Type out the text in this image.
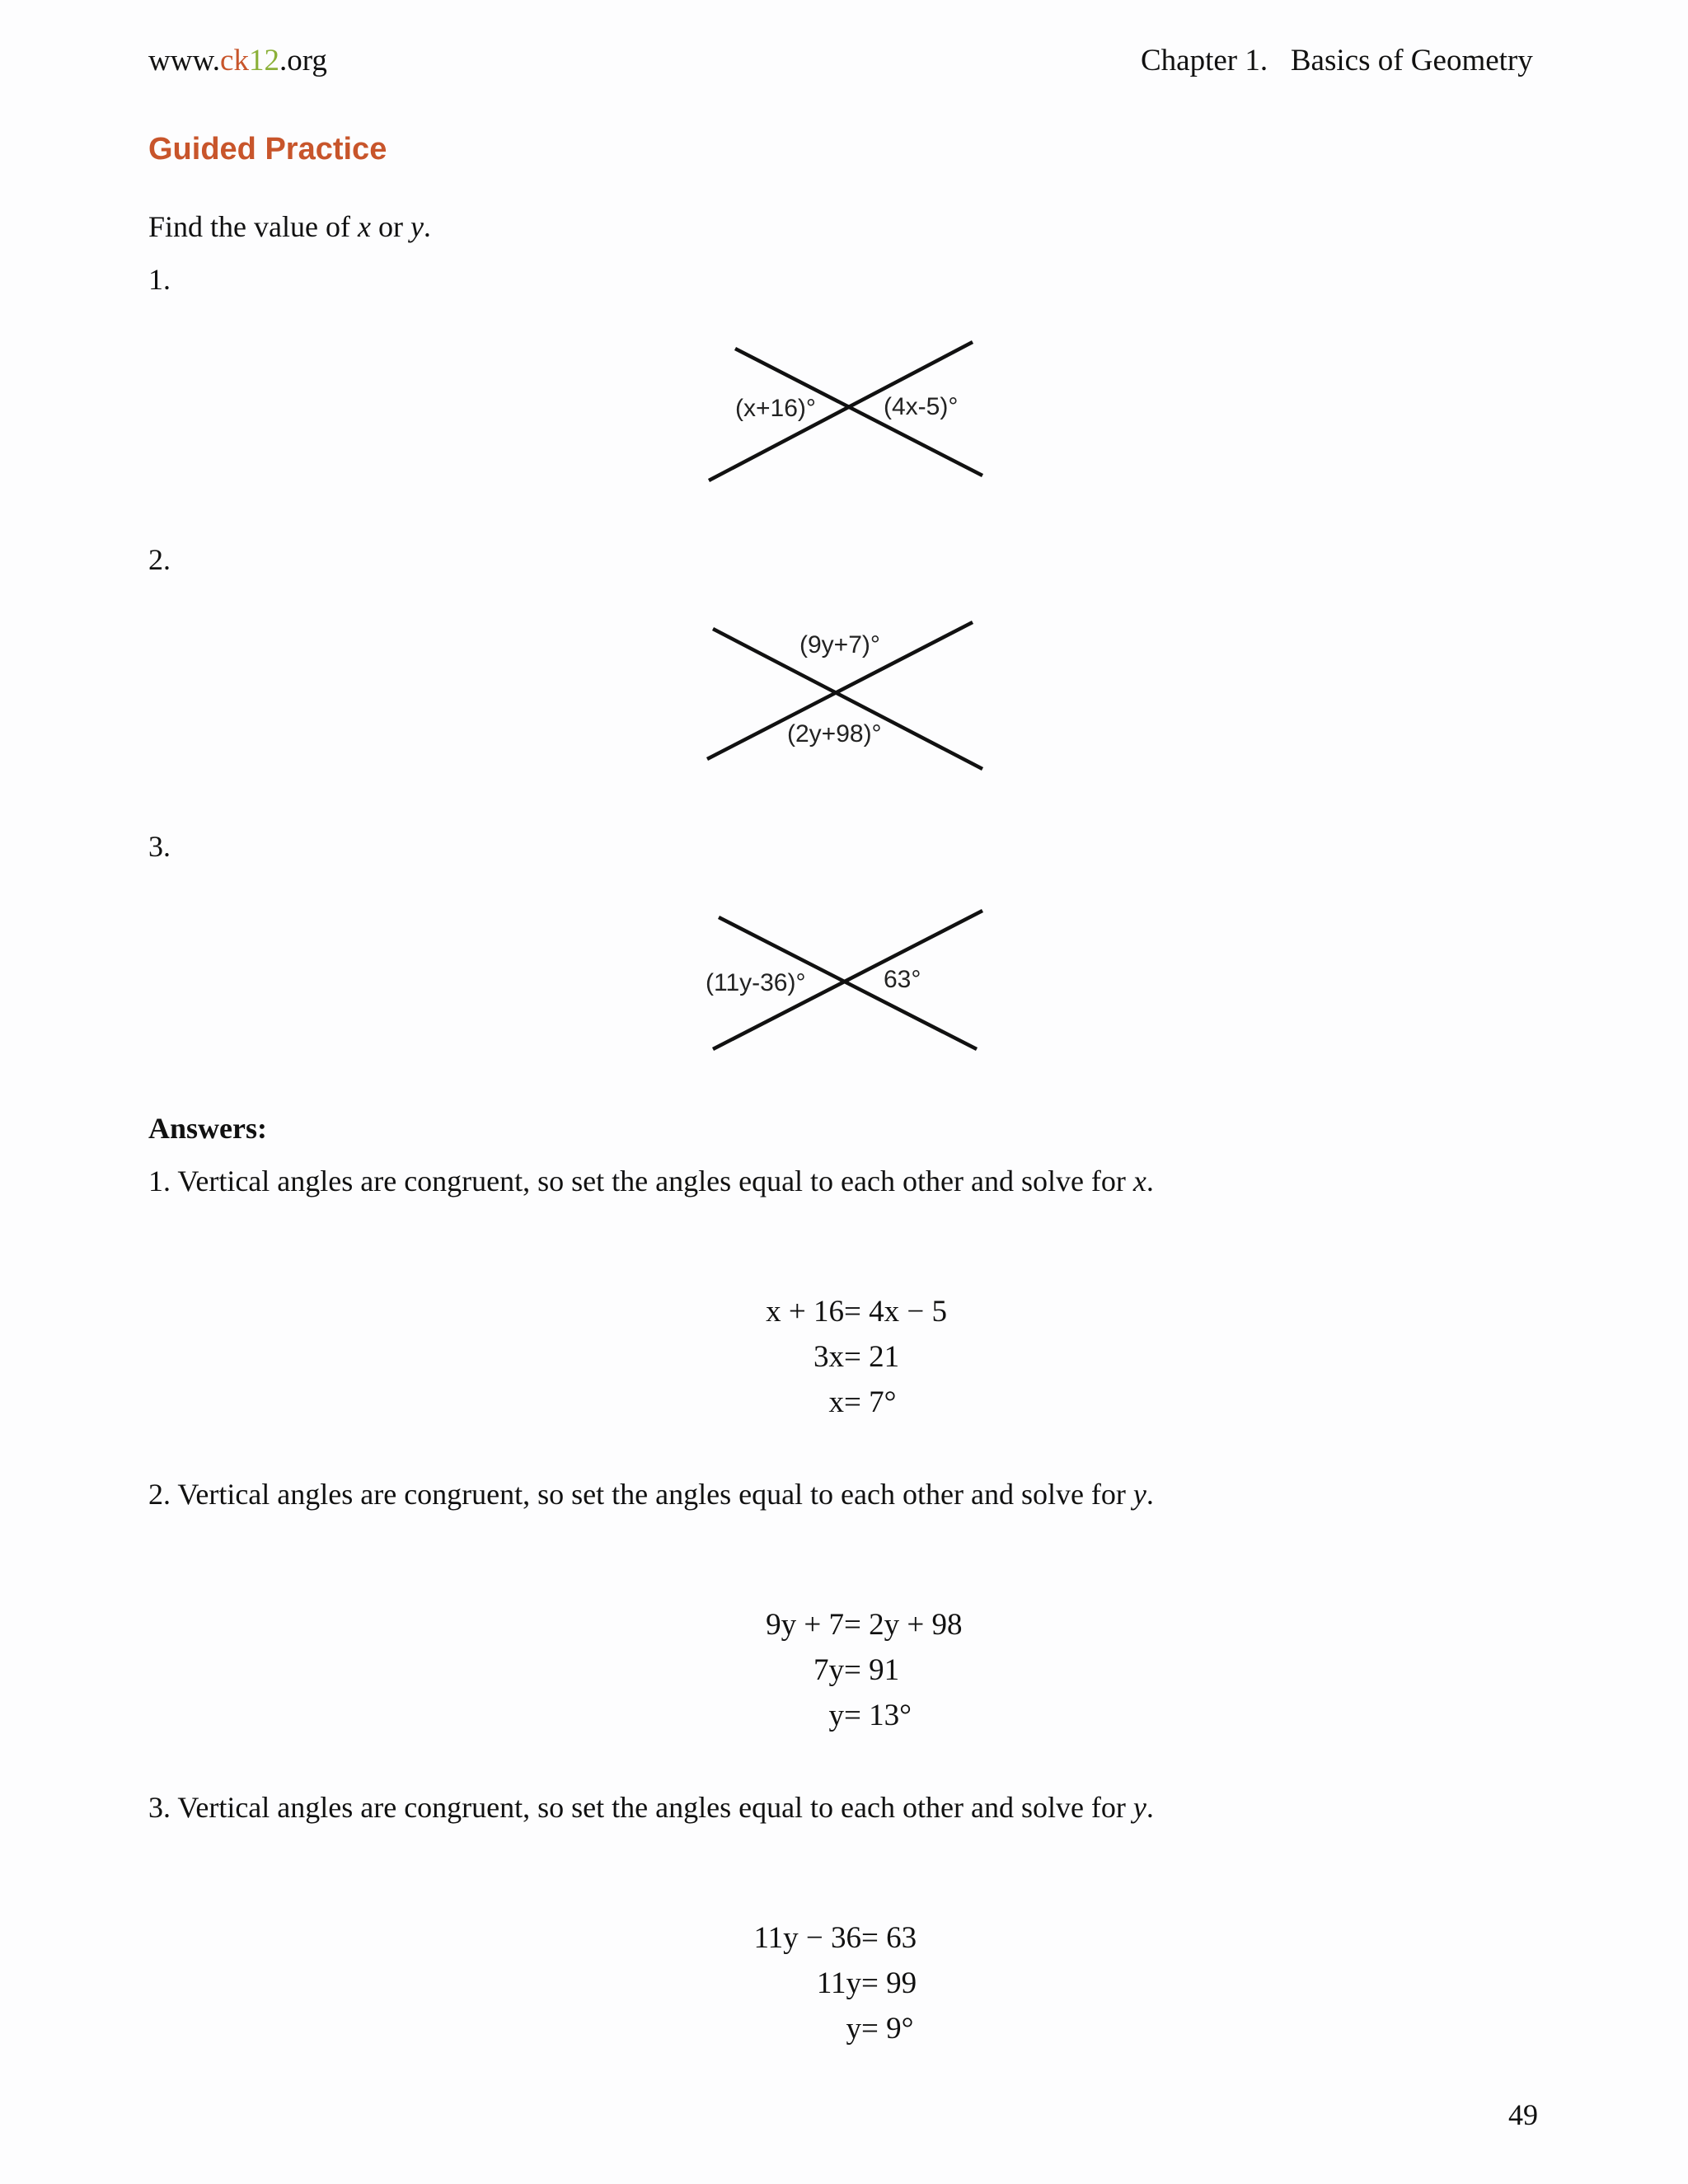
www.ck12.org	Chapter 1.   Basics of Geometry
Guided Practice
Find the value of x or y.
1.
(x+16)°	(4x-5)°
2.
(9y+7)°
(2y+98)°
3.
(11y-36)°	63°
Answers:
1. Vertical angles are congruent, so set the angles equal to each other and solve for x.
x + 16 = 4x − 5
3x = 21
x = 7°
2. Vertical angles are congruent, so set the angles equal to each other and solve for y.
9y + 7 = 2y + 98
7y = 91
y = 13°
3. Vertical angles are congruent, so set the angles equal to each other and solve for y.
11y − 36 = 63
11y = 99
y = 9°
49
